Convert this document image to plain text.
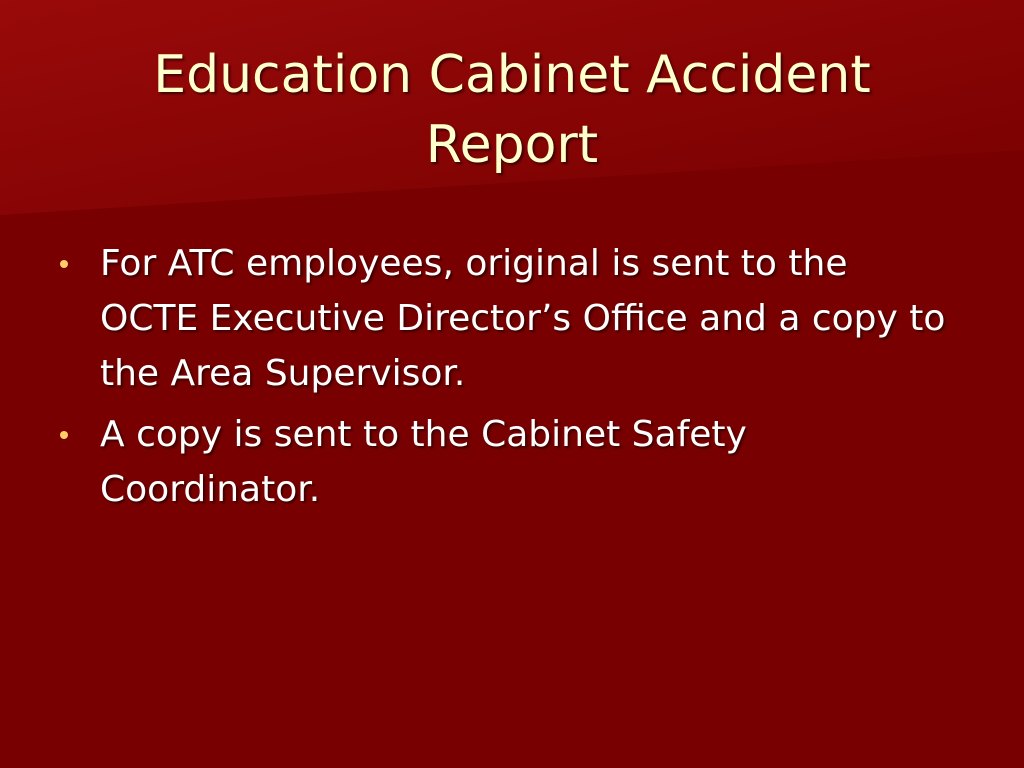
Education Cabinet Accident Report
For ATC employees, original is sent to the OCTE Executive Director’s Office and a copy to the Area Supervisor.
A copy is sent to the Cabinet Safety Coordinator.
